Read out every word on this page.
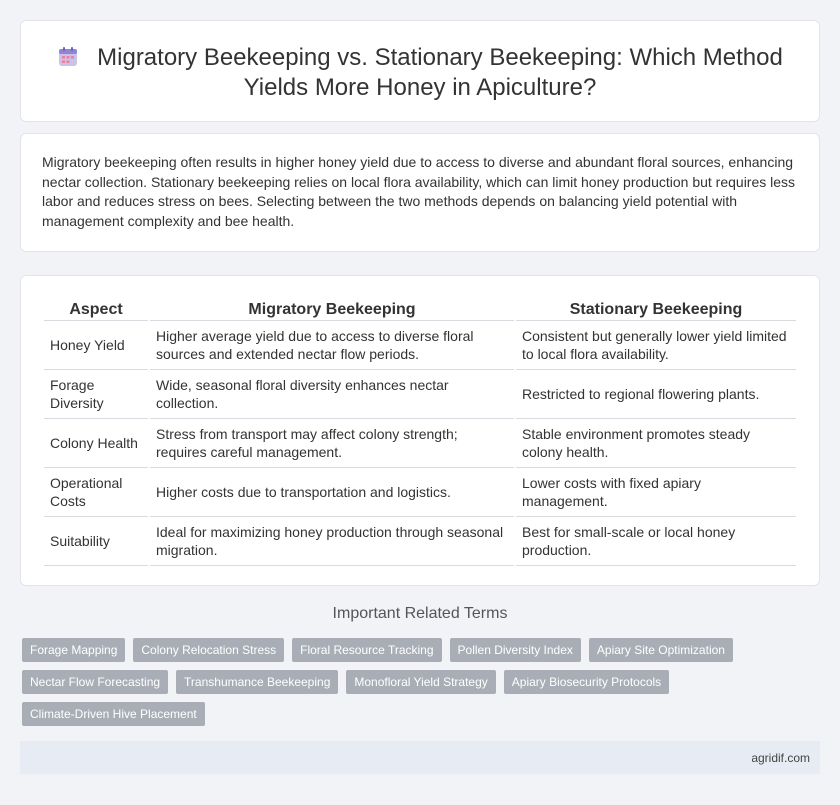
Migratory Beekeeping vs. Stationary Beekeeping: Which Method
Yields More Honey in Apiculture?

Migratory beekeeping often results in higher honey yield due to access to diverse and abundant floral sources, enhancing nectar collection. Stationary beekeeping relies on local flora availability, which can limit honey production but requires less labor and reduces stress on bees. Selecting between the two methods depends on balancing yield potential with management complexity and bee health.

Aspect	Migratory Beekeeping	Stationary Beekeeping
Honey Yield	Higher average yield due to access to diverse floral sources and extended nectar flow periods.	Consistent but generally lower yield limited to local flora availability.
Forage Diversity	Wide, seasonal floral diversity enhances nectar collection.	Restricted to regional flowering plants.
Colony Health	Stress from transport may affect colony strength; requires careful management.	Stable environment promotes steady colony health.
Operational Costs	Higher costs due to transportation and logistics.	Lower costs with fixed apiary management.
Suitability	Ideal for maximizing honey production through seasonal migration.	Best for small-scale or local honey production.
Important Related Terms
Forage Mapping	Colony Relocation Stress	Floral Resource Tracking	Pollen Diversity Index	Apiary Site Optimization
Nectar Flow Forecasting	Transhumance Beekeeping	Monofloral Yield Strategy	Apiary Biosecurity Protocols
Climate-Driven Hive Placement
agridif.com
